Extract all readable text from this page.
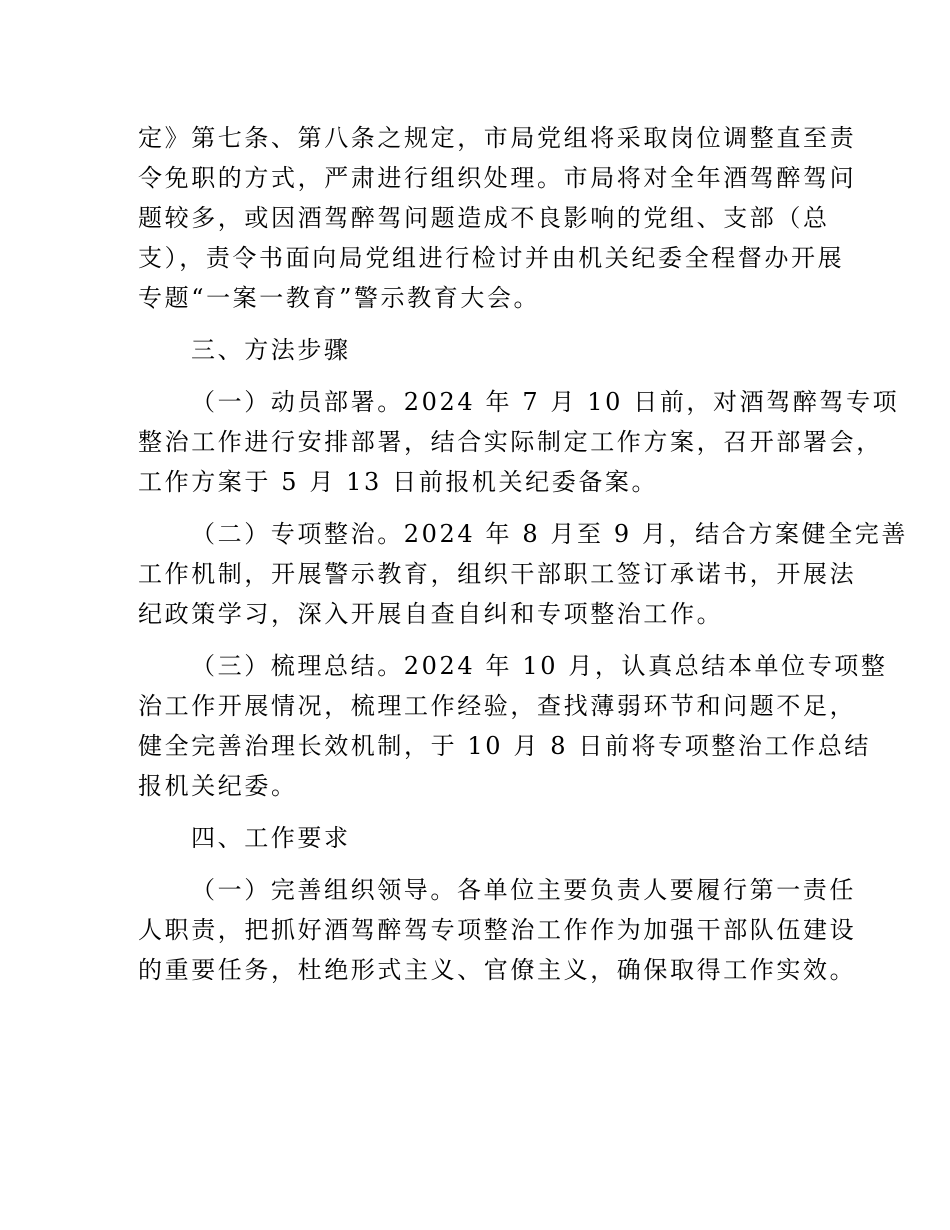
定》第七条、第八条之规定，市局党组将采取岗位调整直至责
令免职的方式，严肃进行组织处理。市局将对全年酒驾醉驾问
题较多，或因酒驾醉驾问题造成不良影响的党组、支部（总
支），责令书面向局党组进行检讨并由机关纪委全程督办开展
专题“一案一教育”警示教育大会。
三、方法步骤
（一）动员部署。2024 年 7 月 10 日前，对酒驾醉驾专项
整治工作进行安排部署，结合实际制定工作方案，召开部署会，
工作方案于 5 月 13 日前报机关纪委备案。
（二）专项整治。2024 年 8 月至 9 月，结合方案健全完善
工作机制，开展警示教育，组织干部职工签订承诺书，开展法
纪政策学习，深入开展自查自纠和专项整治工作。
（三）梳理总结。2024 年 10 月，认真总结本单位专项整
治工作开展情况，梳理工作经验，查找薄弱环节和问题不足，
健全完善治理长效机制，于 10 月 8 日前将专项整治工作总结
报机关纪委。
四、工作要求
（一）完善组织领导。各单位主要负责人要履行第一责任
人职责，把抓好酒驾醉驾专项整治工作作为加强干部队伍建设
的重要任务，杜绝形式主义、官僚主义，确保取得工作实效。
